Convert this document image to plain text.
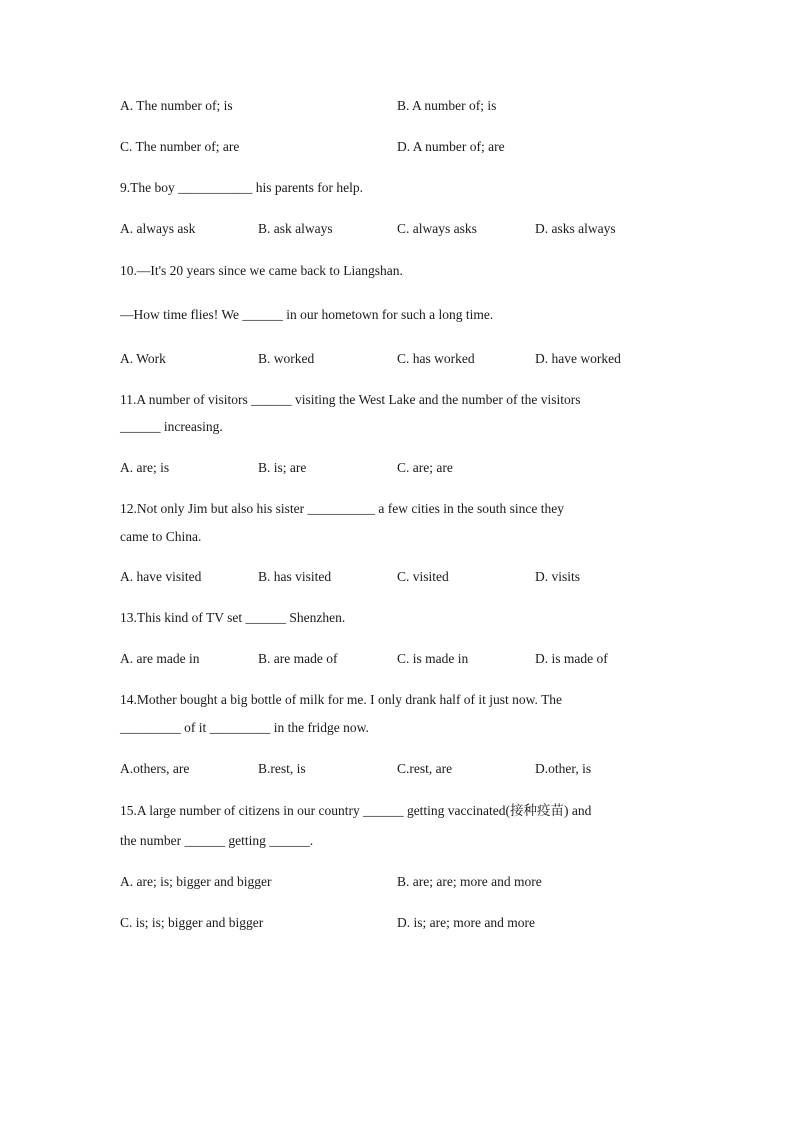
A. The number of; is	B. A number of; is
C. The number of; are	D. A number of; are
9.The boy ___________ his parents for help.
A. always ask	B. ask always	C. always asks	D. asks always
10.—It's 20 years since we came back to Liangshan.
—How time flies! We ______ in our hometown for such a long time.
A. Work	B. worked	C. has worked	D. have worked
11.A number of visitors ______ visiting the West Lake and the number of the visitors
______ increasing.
A. are; is	B. is; are	C. are; are
12.Not only Jim but also his sister __________ a few cities in the south since they
came to China.
A. have visited	B. has visited	C. visited	D. visits
13.This kind of TV set ______ Shenzhen.
A. are made in	B. are made of	C. is made in	D. is made of
14.Mother bought a big bottle of milk for me. I only drank half of it just now. The
_________ of it _________ in the fridge now.
A.others, are	B.rest, is	C.rest, are	D.other, is
15.A large number of citizens in our country ______ getting vaccinated(接种疫苗) and
the number ______ getting ______.
A. are; is; bigger and bigger	B. are; are; more and more
C. is; is; bigger and bigger	D. is; are; more and more
